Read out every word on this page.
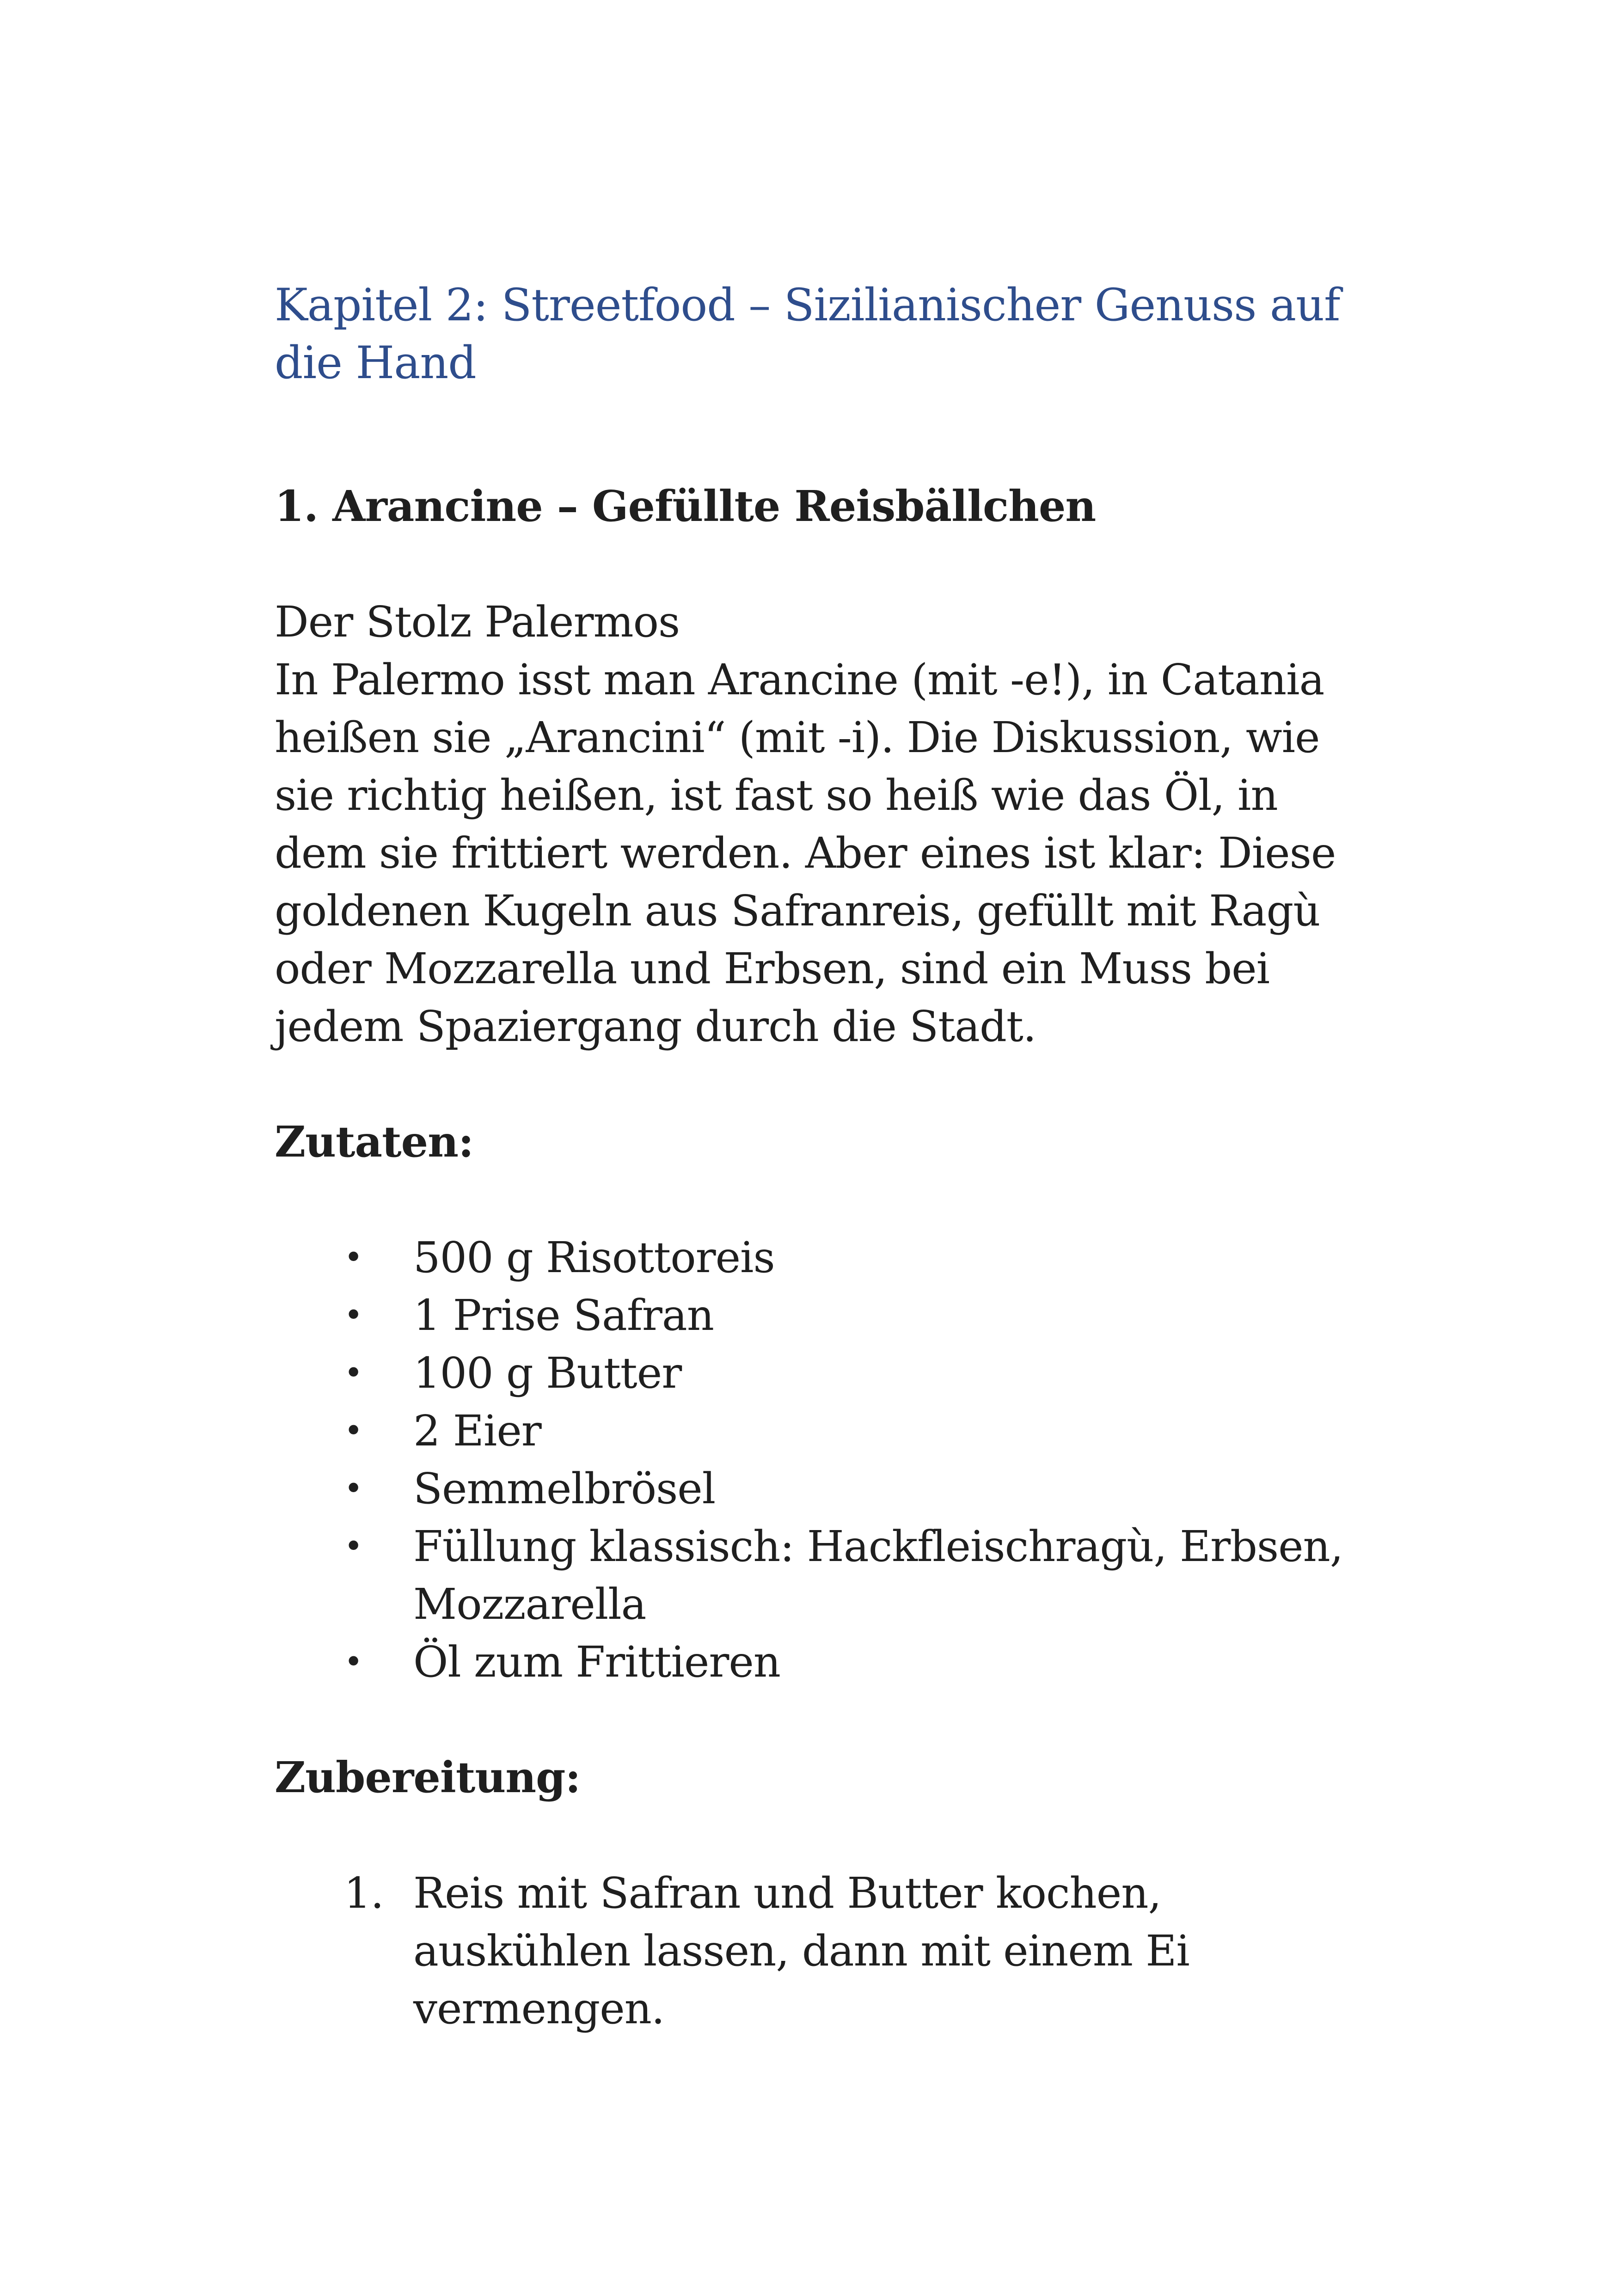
Kapitel 2: Streetfood – Sizilianischer Genuss auf die Hand
1. Arancine – Gefüllte Reisbällchen

Der Stolz Palermos

In Palermo isst man Arancine (mit -e!), in Catania heißen sie „Arancini“ (mit -i). Die Diskussion, wie sie richtig heißen, ist fast so heiß wie das Öl, in dem sie frittiert werden. Aber eines ist klar: Diese goldenen Kugeln aus Safranreis, gefüllt mit Ragù oder Mozzarella und Erbsen, sind ein Muss bei jedem Spaziergang durch die Stadt.

Zutaten:
• 500 g Risottoreis
• 1 Prise Safran
• 100 g Butter
• 2 Eier
• Semmelbrösel
• Füllung klassisch: Hackfleischragù, Erbsen, Mozzarella
• Öl zum Frittieren
Zubereitung:
1. Reis mit Safran und Butter kochen, auskühlen lassen, dann mit einem Ei vermengen.
